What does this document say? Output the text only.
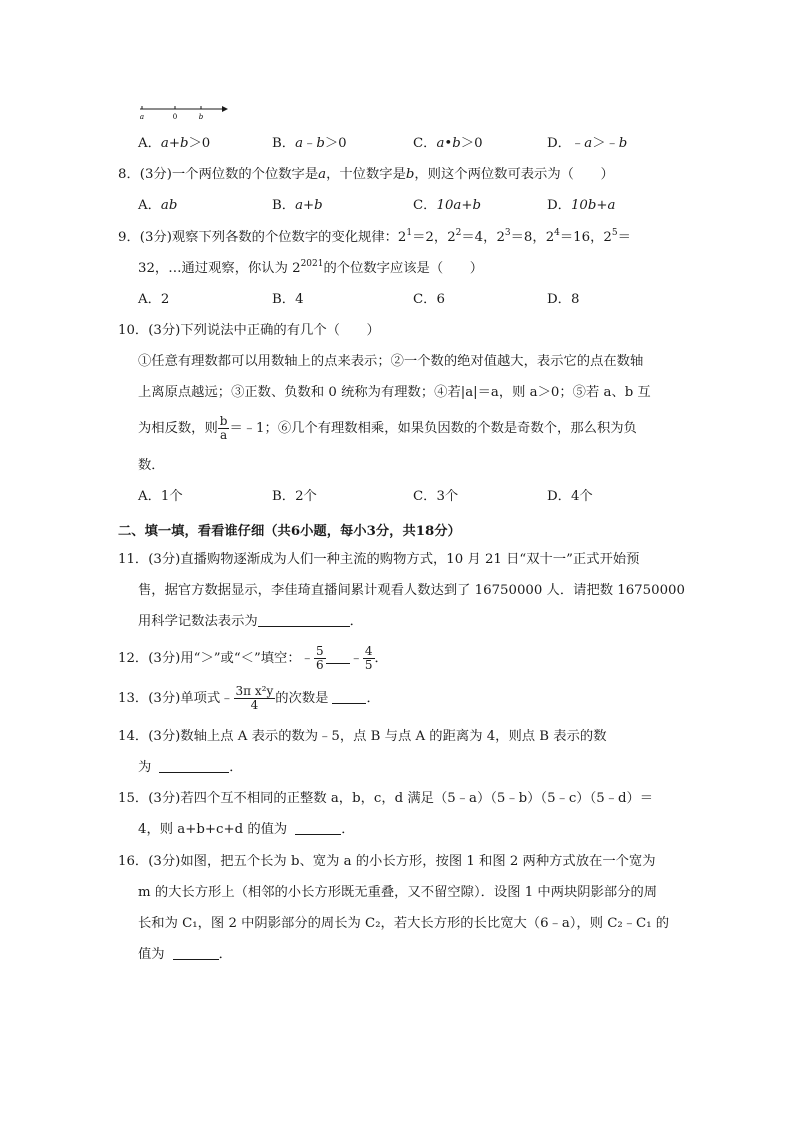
a	0	b
A．a+b＞0	B．a﹣b＞0	C．a•b＞0	D．﹣a＞﹣b
8．(3分)一个两位数的个位数字是a，十位数字是b，则这个两位数可表示为（　　）
A．ab	B．a+b	C．10a+b	D．10b+a
9．(3分)观察下列各数的个位数字的变化规律：$2^1=2$，$2^2=4$，$2^3=8$，$2^4=16$，$2^5=$
32，…通过观察，你认为 $2^{2021}$的个位数字应该是（　　）
A．2	B．4	C．6	D．8
10．(3分)下列说法中正确的有几个（　　）
①任意有理数都可以用数轴上的点来表示；②一个数的绝对值越大，表示它的点在数轴
上离原点越远；③正数、负数和 0 统称为有理数；④若|a|＝a，则 a＞0；⑤若 a、b 互
为相反数，则 $\frac{b}{a}$ ＝﹣1；⑥几个有理数相乘，如果负因数的个数是奇数个，那么积为负
数．
A．1个	B．2个	C．3个	D．4个
二、填一填，看看谁仔细（共6小题，每小3分，共18分）
11．(3分)直播购物逐渐成为人们一种主流的购物方式，10 月 21 日“双十一”正式开始预
售，据官方数据显示，李佳琦直播间累计观看人数达到了 16750000 人．请把数 16750000
用科学记数法表示为	．
12．(3分)用“＞”或“＜”填空：﹣ $\frac{5}{6}$ ﹣ $\frac{4}{5}$ ．
13．(3分)单项式﹣ $\frac{\text{3π x²y}}{4}$ 的次数是	．
14．(3分)数轴上点 A 表示的数为﹣5，点 B 与点 A 的距离为 4，则点 B 表示的数
为	．
15．(3分)若四个互不相同的正整数 a，b，c，d 满足（5﹣a）（5﹣b）（5﹣c）（5﹣d）＝
4，则 a+b+c+d 的值为	．
16．(3分)如图，把五个长为 b、宽为 a 的小长方形，按图 1 和图 2 两种方式放在一个宽为
m 的大长方形上（相邻的小长方形既无重叠，又不留空隙）．设图 1 中两块阴影部分的周
长和为 C₁，图 2 中阴影部分的周长为 C₂，若大长方形的长比宽大（6﹣a），则 C₂﹣C₁ 的
值为	．
